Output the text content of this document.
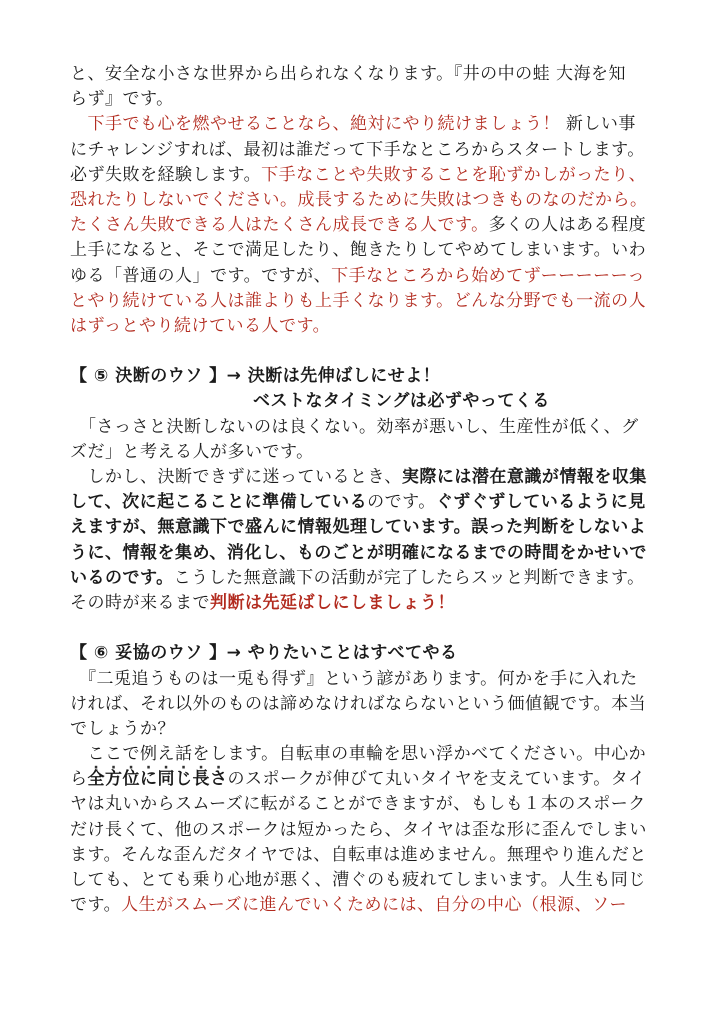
と、安全な小さな世界から出られなくなります。『井の中の蛙 大海を知
らず』です。
　下手でも心を燃やせることなら、絶対にやり続けましょう！ 新しい事
にチャレンジすれば、最初は誰だって下手なところからスタートします。
必ず失敗を経験します。下手なことや失敗することを恥ずかしがったり、
恐れたりしないでください。成長するために失敗はつきものなのだから。
たくさん失敗できる人はたくさん成長できる人です。多くの人はある程度
上手になると、そこで満足したり、飽きたりしてやめてしまいます。いわ
ゆる「普通の人」です。ですが、下手なところから始めてずーーーーーっ
とやり続けている人は誰よりも上手くなります。どんな分野でも一流の人
はずっとやり続けている人です。
【 ⑤ 決断のウソ 】→ 決断は先伸ばしにせよ！
ベストなタイミングは必ずやってくる
　「さっさと決断しないのは良くない。効率が悪いし、生産性が低く、グ
ズだ」と考える人が多いです。
　しかし、決断できずに迷っているとき、実際には潜在意識が情報を収集
して、次に起こることに準備しているのです。ぐずぐずしているように見
えますが、無意識下で盛んに情報処理しています。誤った判断をしないよ
うに、情報を集め、消化し、ものごとが明確になるまでの時間をかせいで
いるのです。こうした無意識下の活動が完了したらスッと判断できます。
その時が来るまで判断は先延ばしにしましょう！
【 ⑥ 妥協のウソ 】→ やりたいことはすべてやる
　『二兎追うものは一兎も得ず』という諺があります。何かを手に入れた
ければ、それ以外のものは諦めなければならないという価値観です。本当
でしょうか？
　ここで例え話をします。自転車の車輪を思い浮かべてください。中心か
ら全方位に同じ長さのスポークが伸びて丸いタイヤを支えています。タイ
ヤは丸いからスムーズに転がることができますが、もしも１本のスポーク
だけ長くて、他のスポークは短かったら、タイヤは歪な形に歪んでしまい
ます。そんな歪んだタイヤでは、自転車は進めません。無理やり進んだと
しても、とても乗り心地が悪く、漕ぐのも疲れてしまいます。人生も同じ
です。人生がスムーズに進んでいくためには、自分の中心（根源、ソー
